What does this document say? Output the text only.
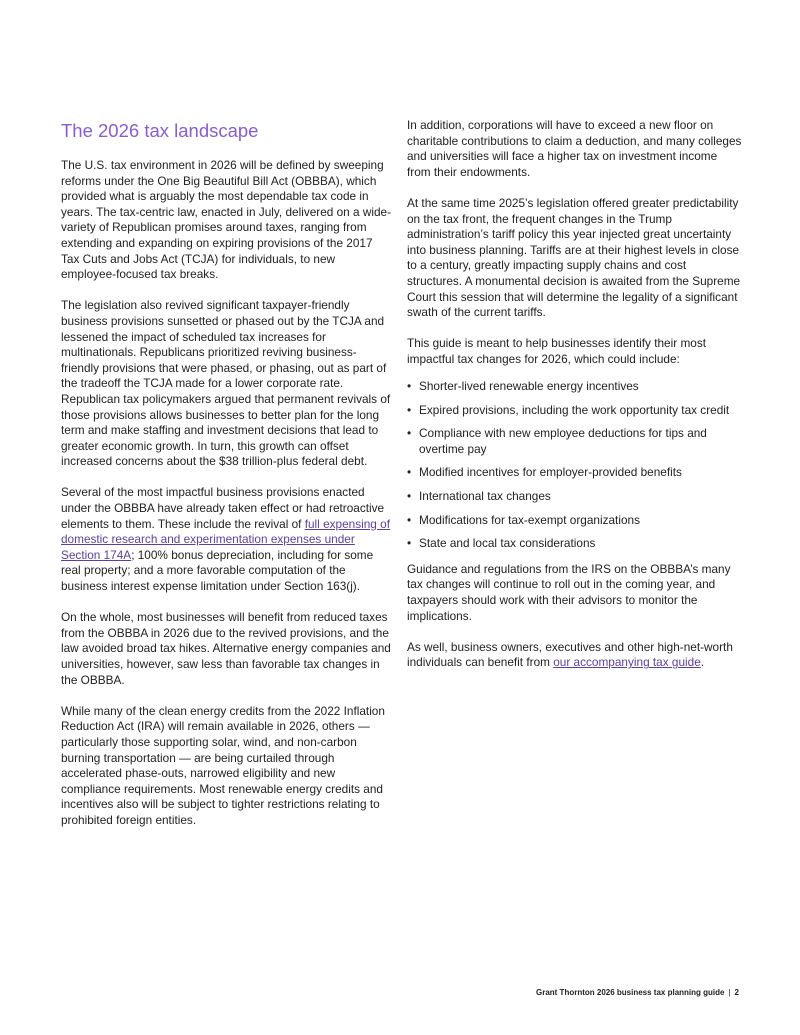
The 2026 tax landscape

The U.S. tax environment in 2026 will be defined by sweeping reforms under the One Big Beautiful Bill Act (OBBBA), which provided what is arguably the most dependable tax code in years. The tax-centric law, enacted in July, delivered on a wide-variety of Republican promises around taxes, ranging from extending and expanding on expiring provisions of the 2017 Tax Cuts and Jobs Act (TCJA) for individuals, to new employee-focused tax breaks.

The legislation also revived significant taxpayer-friendly business provisions sunsetted or phased out by the TCJA and lessened the impact of scheduled tax increases for multinationals. Republicans prioritized reviving business-friendly provisions that were phased, or phasing, out as part of the tradeoff the TCJA made for a lower corporate rate. Republican tax policymakers argued that permanent revivals of those provisions allows businesses to better plan for the long term and make staffing and investment decisions that lead to greater economic growth. In turn, this growth can offset increased concerns about the $38 trillion-plus federal debt.

Several of the most impactful business provisions enacted under the OBBBA have already taken effect or had retroactive elements to them. These include the revival of full expensing of domestic research and experimentation expenses under Section 174A; 100% bonus depreciation, including for some real property; and a more favorable computation of the business interest expense limitation under Section 163(j).

On the whole, most businesses will benefit from reduced taxes from the OBBBA in 2026 due to the revived provisions, and the law avoided broad tax hikes. Alternative energy companies and universities, however, saw less than favorable tax changes in the OBBBA.

While many of the clean energy credits from the 2022 Inflation Reduction Act (IRA) will remain available in 2026, others — particularly those supporting solar, wind, and non-carbon burning transportation — are being curtailed through accelerated phase-outs, narrowed eligibility and new compliance requirements. Most renewable energy credits and incentives also will be subject to tighter restrictions relating to prohibited foreign entities.

In addition, corporations will have to exceed a new floor on charitable contributions to claim a deduction, and many colleges and universities will face a higher tax on investment income from their endowments.

At the same time 2025’s legislation offered greater predictability on the tax front, the frequent changes in the Trump administration’s tariff policy this year injected great uncertainty into business planning. Tariffs are at their highest levels in close to a century, greatly impacting supply chains and cost structures. A monumental decision is awaited from the Supreme Court this session that will determine the legality of a significant swath of the current tariffs.

This guide is meant to help businesses identify their most impactful tax changes for 2026, which could include:

• Shorter-lived renewable energy incentives
• Expired provisions, including the work opportunity tax credit
• Compliance with new employee deductions for tips and overtime pay
• Modified incentives for employer-provided benefits
• International tax changes
• Modifications for tax-exempt organizations
• State and local tax considerations

Guidance and regulations from the IRS on the OBBBA’s many tax changes will continue to roll out in the coming year, and taxpayers should work with their advisors to monitor the implications.

As well, business owners, executives and other high-net-worth individuals can benefit from our accompanying tax guide.

Grant Thornton 2026 business tax planning guide | 2
